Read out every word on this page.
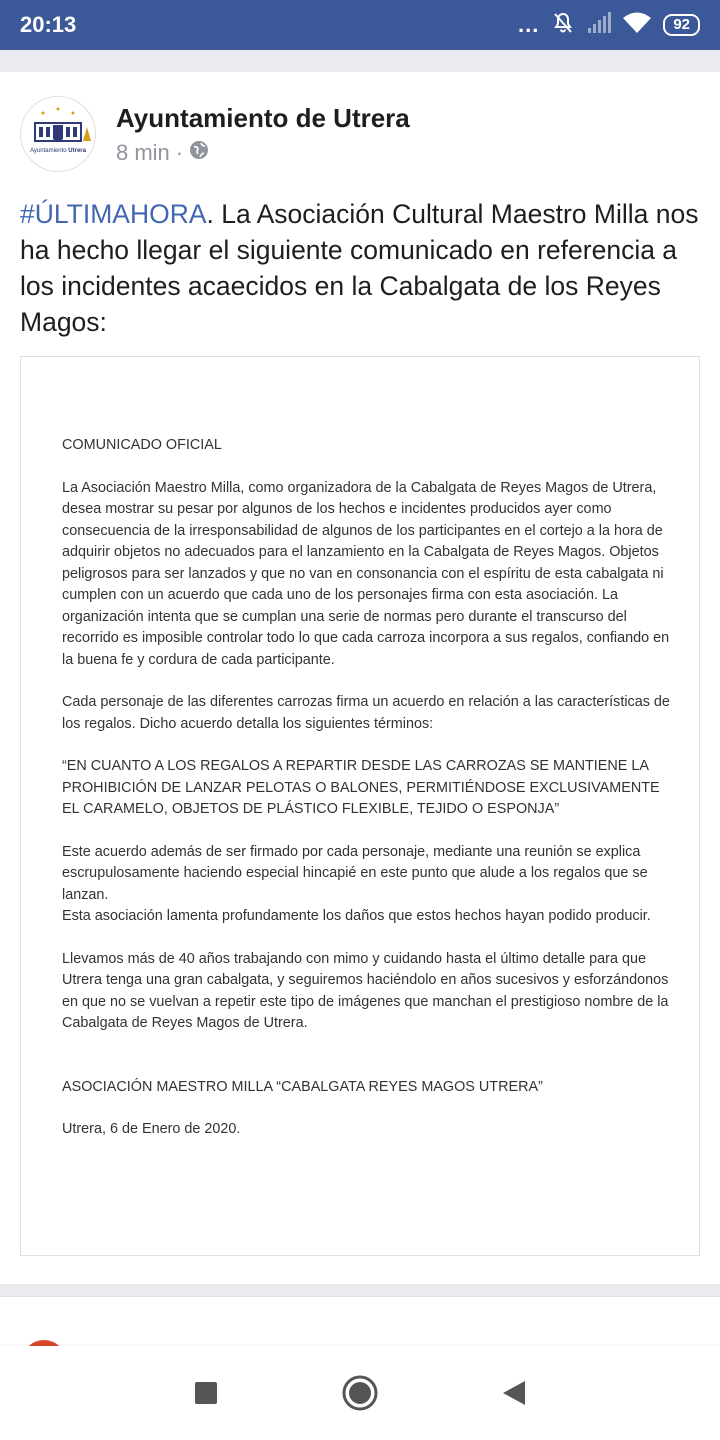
20:13	...	92
Ayuntamiento Utrera
Ayuntamiento de Utrera
8 min ·
#ÚLTIMAHORA. La Asociación Cultural Maestro Milla nos ha hecho llegar el siguiente comunicado en referencia a los incidentes acaecidos en la Cabalgata de los Reyes Magos:
COMUNICADO OFICIAL
La Asociación Maestro Milla, como organizadora de la Cabalgata de Reyes Magos de Utrera, desea mostrar su pesar por algunos de los hechos e incidentes producidos ayer como consecuencia de la irresponsabilidad de algunos de los participantes en el cortejo a la hora de adquirir objetos no adecuados para el lanzamiento en la Cabalgata de Reyes Magos. Objetos peligrosos para ser lanzados y que no van en consonancia con el espíritu de esta cabalgata ni cumplen con un acuerdo que cada uno de los personajes firma con esta asociación. La organización intenta que se cumplan una serie de normas pero durante el transcurso del recorrido es imposible controlar todo lo que cada carroza incorpora a sus regalos, confiando en la buena fe y cordura de cada participante.
Cada personaje de las diferentes carrozas firma un acuerdo en relación a las características de los regalos. Dicho acuerdo detalla los siguientes términos:
“EN CUANTO A LOS REGALOS A REPARTIR DESDE LAS CARROZAS SE MANTIENE LA PROHIBICIÓN DE LANZAR PELOTAS O BALONES, PERMITIÉNDOSE EXCLUSIVAMENTE EL CARAMELO, OBJETOS DE PLÁSTICO FLEXIBLE, TEJIDO O ESPONJA”
Este acuerdo además de ser firmado por cada personaje, mediante una reunión se explica escrupulosamente haciendo especial hincapié en este punto que alude a los regalos que se lanzan.
Esta asociación lamenta profundamente los daños que estos hechos hayan podido producir.
Llevamos más de 40 años trabajando con mimo y cuidando hasta el último detalle para que Utrera tenga una gran cabalgata, y seguiremos haciéndolo en años sucesivos y esforzándonos en que no se vuelvan a repetir este tipo de imágenes que manchan el prestigioso nombre de la Cabalgata de Reyes Magos de Utrera.
ASOCIACIÓN MAESTRO MILLA “CABALGATA REYES MAGOS UTRERA”
Utrera, 6 de Enero de 2020.
